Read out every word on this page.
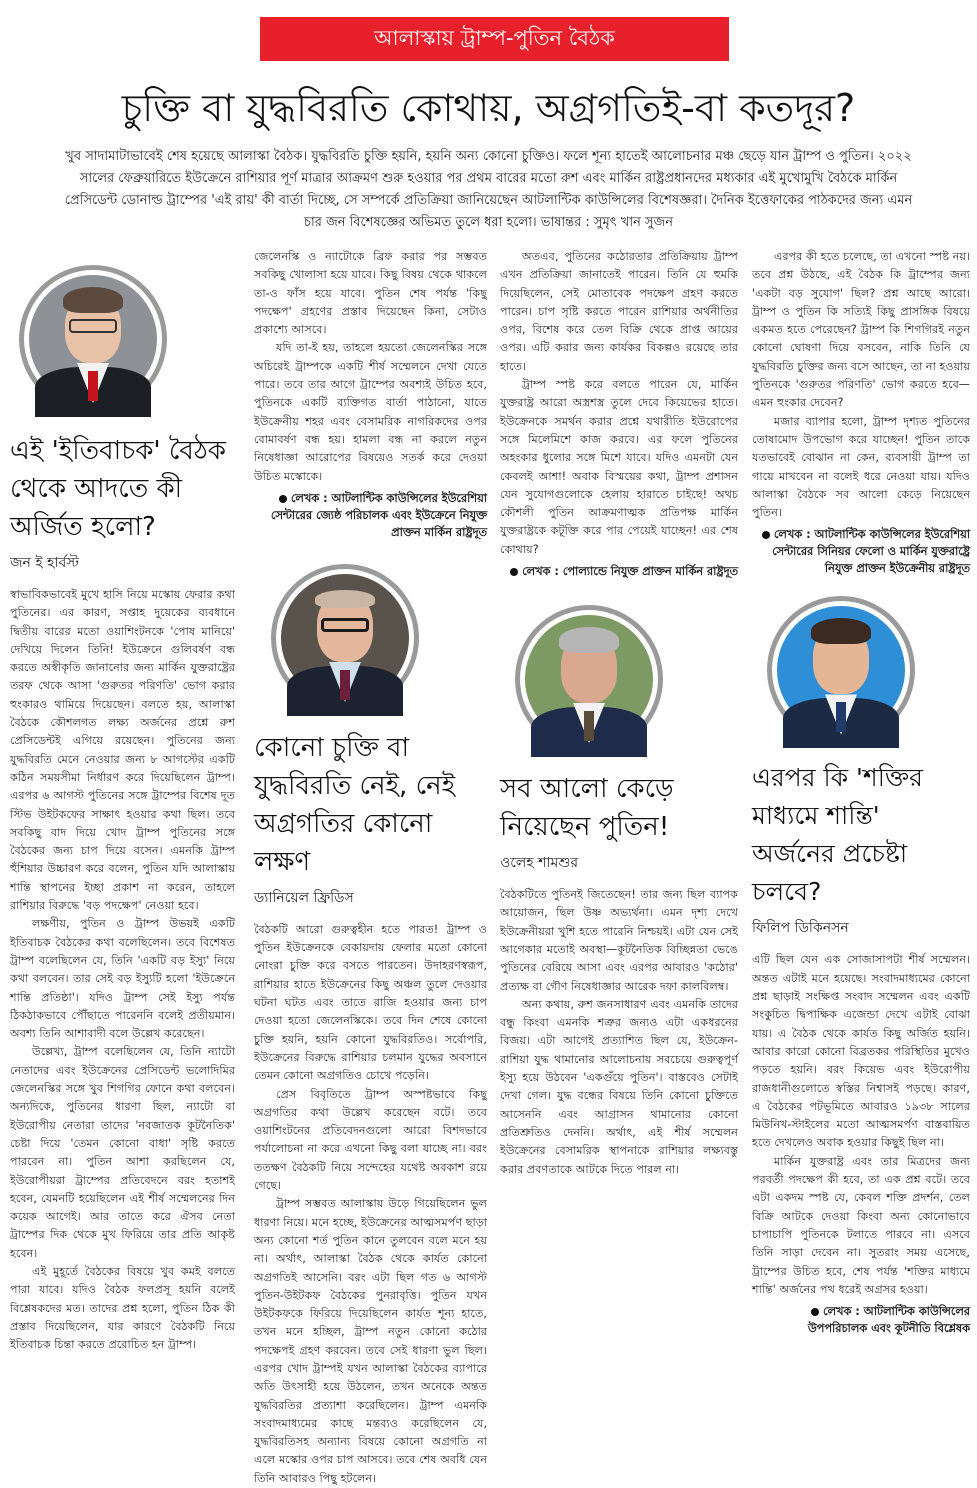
আলাস্কায় ট্রাম্প-পুতিন বৈঠক
চুক্তি বা যুদ্ধবিরতি কোথায়, অগ্রগতিই-বা কতদূর?
খুব সাদামাটাভাবেই শেষ হয়েছে আলাস্কা বৈঠক। যুদ্ধবিরতি চুক্তি হয়নি, হয়নি অন্য কোনো চুক্তিও। ফলে শূন্য হাতেই আলোচনার মঞ্চ ছেড়ে যান ট্রাম্প ও পুতিন। ২০২২ সালের ফেব্রুয়ারিতে ইউক্রেনে রাশিয়ার পূর্ণ মাত্রার আক্রমণ শুরু হওয়ার পর প্রথম বারের মতো রুশ এবং মার্কিন রাষ্ট্রপ্রধানদের মধ্যকার এই মুখোমুখি বৈঠকে মার্কিন প্রেসিডেন্ট ডোনাল্ড ট্রাম্পের 'এই রায়' কী বার্তা দিচ্ছে, সে সম্পর্কে প্রতিক্রিয়া জানিয়েছেন আটলান্টিক কাউন্সিলের বিশেষজ্ঞরা। দৈনিক ইত্তেফাকের পাঠকদের জন্য এমন চার জন বিশেষজ্ঞের অভিমত তুলে ধরা হলো। ভাষান্তর : সুমৃৎ খান সুজন

এই 'ইতিবাচক' বৈঠক থেকে আদতে কী অর্জিত হলো?

জন ই হার্বস্ট

স্বাভাবিকভাবেই মুখে হাসি নিয়ে মস্কোয় ফেরার কথা পুতিনের। এর কারণ, সপ্তাহ দুয়েকের ব্যবধানে দ্বিতীয় বারের মতো ওয়াশিংটনকে 'পোষ মানিয়ে' দেখিয়ে দিলেন তিনি! ইউক্রেনে গুলিবর্ষণ বন্ধ করতে অস্বীকৃতি জানানোর জন্য মার্কিন যুক্তরাষ্ট্রের তরফ থেকে আসা 'গুরুতর পরিণতি' ভোগ করার হুংকারও থামিয়ে দিয়েছেন। বলতে হয়, আলাস্কা বৈঠকে কৌশলগত লক্ষ্য অর্জনের প্রশ্নে রুশ প্রেসিডেন্টই এগিয়ে রয়েছেন। পুতিনের জন্য যুদ্ধবিরতি মেনে নেওয়ার জন্য ৮ আগস্টের একটি কঠিন সময়সীমা নির্ধারণ করে দিয়েছিলেন ট্রাম্প। এরপর ৬ আগস্ট পুতিনের সঙ্গে ট্রাম্পের বিশেষ দূত স্টিভ উইটকফের সাক্ষাৎ হওয়ার কথা ছিল। তবে সবকিছু বাদ দিয়ে খোদ ট্রাম্প পুতিনের সঙ্গে বৈঠকের জন্য চাপ দিয়ে বসেন। এমনকি ট্রাম্প হুঁশিয়ার উচ্চারণ করে বলেন, পুতিন যদি আলাস্কায় শান্তি স্থাপনের ইচ্ছা প্রকাশ না করেন, তাহলে রাশিয়ার বিরুদ্ধে 'বড় পদক্ষেপ' নেওয়া হবে।

লক্ষণীয়, পুতিন ও ট্রাম্প উভয়ই একটি ইতিবাচক বৈঠকের কথা বলেছিলেন। তবে বিশেষত ট্রাম্প বলেছিলেন যে, তিনি 'একটি বড় ইস্যু' নিয়ে কথা বলবেন। তার সেই বড় ইস্যুটি হলো 'ইউক্রেনে শান্তি প্রতিষ্ঠা'। যদিও ট্রাম্প সেই ইস্যু পর্যন্ত ঠিকঠাকভাবে পৌঁছাতে পারেননি বলেই প্রতীয়মান। অবশ্য তিনি আশাবাদী বলে উল্লেখ করেছেন।

উল্লেখ্য, ট্রাম্প বলেছিলেন যে, তিনি ন্যাটো নেতাদের এবং ইউক্রেনের প্রেসিডেন্ট ভলোদিমির জেলেনস্কির সঙ্গে খুব শিগগির ফোনে কথা বলবেন। অন্যদিকে, পুতিনের ধারণা ছিল, ন্যাটো বা ইউরোপীয় নেতারা তাদের 'নবজাতক কূটনৈতিক' চেষ্টা দিয়ে 'তেমন কোনো বাধা' সৃষ্টি করতে পারবেন না। পুতিন আশা করছিলেন যে, ইউরোপীয়রা ট্রাম্পের প্রতিবেদনে বরং হতাশই হবেন, যেমনটি হয়েছিলেন এই শীর্ষ সম্মেলনের দিন কয়েক আগেই। আর তাতে করে ঐসব নেতা ট্রাম্পের দিক থেকে মুখ ফিরিয়ে তার প্রতি আকৃষ্ট হবেন।

এই মুহূর্তে বৈঠকের বিষয়ে খুব কমই বলতে পারা যাবে। যদিও বৈঠক ফলপ্রসূ হয়নি বলেই বিশ্লেষকদের মত। তাদের প্রশ্ন হলো, পুতিন ঠিক কী প্রস্তাব দিয়েছিলেন, যার কারণে বৈঠকটি নিয়ে ইতিবাচক চিন্তা করতে প্ররোচিত হন ট্রাম্প।

জেলেনস্কি ও ন্যাটোকে ব্রিফ করার পর সম্ভবত সবকিছু খোলাসা হয়ে যাবে। কিছু বিষয় থেকে থাকলে তা-ও ফাঁস হয়ে যাবে। পুতিন শেষ পর্যন্ত 'কিছু পদক্ষেপ' গ্রহণের প্রস্তাব দিয়েছেন কিনা, সেটাও প্রকাশ্যে আসবে।

যদি তা-ই হয়, তাহলে হয়তো জেলেনস্কির সঙ্গে অচিরেই ট্রাম্পকে একটি শীর্ষ সম্মেলনে দেখা যেতে পারে। তবে তার আগে ট্রাম্পের অবশ্যই উচিত হবে, পুতিনকে একটি ব্যক্তিগত বার্তা পাঠানো, যাতে ইউক্রেনীয় শহর এবং বেসামরিক নাগরিকদের ওপর বোমাবর্ষণ বন্ধ হয়। হামলা বন্ধ না করলে নতুন নিষেধাজ্ঞা আরোপের বিষয়েও সতর্ক করে দেওয়া উচিত মস্কোকে।

লেখক : আটলান্টিক কাউন্সিলের ইউরেশিয়া সেন্টারের জ্যেষ্ঠ পরিচালক এবং ইউক্রেনে নিযুক্ত প্রাক্তন মার্কিন রাষ্ট্রদূত

কোনো চুক্তি বা যুদ্ধবিরতি নেই, নেই অগ্রগতির কোনো লক্ষণ

ড্যানিয়েল ফ্রিডিস

বৈঠকটি আরো গুরুত্বহীন হতে পারত! ট্রাম্প ও পুতিন ইউক্রেনকে বেকায়দায় ফেলার মতো কোনো নোংরা চুক্তি করে বসতে পারতেন। উদাহরণস্বরূপ, রাশিয়ার হাতে ইউক্রেনের কিছু অঞ্চল তুলে দেওয়ার ঘটনা ঘটত এবং তাতে রাজি হওয়ার জন্য চাপ দেওয়া হতো জেলেনস্কিকে। তবে দিন শেষে কোনো চুক্তি হয়নি, হয়নি কোনো যুদ্ধবিরতিও। সর্বোপরি, ইউক্রেনের বিরুদ্ধে রাশিয়ার চলমান যুদ্ধের অবসানে তেমন কোনো অগ্রগতিও চোখে পড়েনি।

প্রেস বিবৃতিতে ট্রাম্প অস্পষ্টভাবে কিছু অগ্রগতির কথা উল্লেখ করেছেন বটে। তবে ওয়াশিংটনের প্রতিবেদনগুলো আরো বিশদভাবে পর্যালোচনা না করে এখনো কিছু বলা যাচ্ছে না। বরং ততক্ষণ বৈঠকটি নিয়ে সন্দেহের যথেষ্ট অবকাশ রয়ে গেছে।

ট্রাম্প সম্ভবত আলাস্কায় উড়ে গিয়েছিলেন ভুল ধারণা নিয়ে। মনে হচ্ছে, ইউক্রেনের আত্মসমর্পণ ছাড়া অন্য কোনো শর্ত পুতিন কানে তুলবেন বলে মনে হয় না। অর্থাৎ, আলাস্কা বৈঠক থেকে কার্যত কোনো অগ্রগতিই আসেনি। বরং এটা ছিল গত ৬ আগস্ট পুতিন-উইটকফ বৈঠকের পুনরাবৃত্তি। পুতিন যখন উইটকফকে ফিরিয়ে দিয়েছিলেন কার্যত শূন্য হাতে, তখন মনে হচ্ছিল, ট্রাম্প নতুন কোনো কঠোর পদক্ষেপই গ্রহণ করবেন। তবে সেই ধারণা ভুল ছিল। এরপর খোদ ট্রাম্পই যখন আলাস্কা বৈঠকের ব্যাপারে অতি উৎসাহী হয়ে উঠলেন, তখন অনেকে অন্তত যুদ্ধবিরতির প্রত্যাশা করেছিলেন। ট্রাম্প এমনকি সংবাদমাধ্যমের কাছে মন্তব্যও করেছিলেন যে, যুদ্ধবিরতিসহ অন্যান্য বিষয়ে কোনো অগ্রগতি না এলে মস্কোর ওপর চাপ আসবে। তবে শেষ অবধি যেন তিনি আবারও পিছু হটলেন।

অতএব, পুতিনের কঠোরতার প্রতিক্রিয়ায় ট্রাম্প এখন প্রতিক্রিয়া জানাতেই পারেন। তিনি যে হুমকি দিয়েছিলেন, সেই মোতাবেক পদক্ষেপ গ্রহণ করতে পারেন। চাপ সৃষ্টি করতে পারেন রাশিয়ার অর্থনীতির ওপর, বিশেষ করে তেল বিক্রি থেকে প্রাপ্ত আয়ের ওপর। এটি করার জন্য কার্যকর বিকল্পও রয়েছে তার হাতে।

ট্রাম্প স্পষ্ট করে বলতে পারেন যে, মার্কিন যুক্তরাষ্ট্র আরো অস্ত্রশস্ত্র তুলে দেবে কিয়েভের হাতে। ইউক্রেনকে সমর্থন করার প্রশ্নে যথারীতি ইউরোপের সঙ্গে মিলেমিশে কাজ করবে। এর ফলে পুতিনের অহংকার ধুলোর সঙ্গে মিশে যাবে। যদিও এমনটা যেন কেবলই আশা! অবাক বিস্ময়ের কথা, ট্রাম্প প্রশাসন যেন সুযোগগুলোকে হেলায় হারাতে চাইছে! অথচ কৌশলী পুতিন আক্রমণাত্মক প্রতিপক্ষ মার্কিন যুক্তরাষ্ট্রকে কটূক্তি করে পার পেয়েই যাচ্ছেন! এর শেষ কোথায়?

লেখক : পোল্যান্ডে নিযুক্ত প্রাক্তন মার্কিন রাষ্ট্রদূত

সব আলো কেড়ে নিয়েছেন পুতিন!

ওলেহ শামশুর

বৈঠকটিতে পুতিনই জিতেছেন! তার জন্য ছিল ব্যাপক আয়োজন, ছিল উষ্ণ অভ্যর্থনা। এমন দৃশ্য দেখে ইউক্রেনীয়রা খুশি হতে পারেনি নিশ্চয়ই। এটা যেন সেই আগেকার মতোই অবস্থা—কূটনৈতিক বিচ্ছিন্নতা ভেঙে পুতিনের বেরিয়ে আসা এবং এরপর আবারও 'কঠোর' প্রত্যক্ষ বা গৌণ নিষেধাজ্ঞার আরেক দফা কালবিলম্ব।

অন্য কথায়, রুশ জনসাধারণ এবং এমনকি তাদের বন্ধু কিংবা এমনকি শত্রুর জন্যও এটা একধরনের বিজয়। এটা আগেই প্রত্যাশিত ছিল যে, ইউক্রেন-রাশিয়া যুদ্ধ থামানোর আলোচনায় সবচেয়ে গুরুত্বপূর্ণ ইস্যু হয়ে উঠবেন 'একগুঁয়ে পুতিন'। বাস্তবেও সেটাই দেখা গেল। যুদ্ধ বন্ধের বিষয়ে তিনি কোনো চুক্তিতে আসেননি এবং আগ্রাসন থামানোর কোনো প্রতিশ্রুতিও দেননি। অর্থাৎ, এই শীর্ষ সম্মেলন ইউক্রেনের বেসামরিক স্থাপনাকে রাশিয়ার লক্ষ্যবস্তু করার প্রবণতাকে আটকে দিতে পারল না।

এরপর কী হতে চলেছে, তা এখনো স্পষ্ট নয়। তবে প্রশ্ন উঠছে, এই বৈঠক কি ট্রাম্পের জন্য 'একটা বড় সুযোগ' ছিল? প্রশ্ন আছে আরো। ট্রাম্প ও পুতিন কি সত্যিই কিছু প্রাসঙ্গিক বিষয়ে একমত হতে পেরেছেন? ট্রাম্প কি শিগগিরই নতুন কোনো ঘোষণা দিয়ে বসবেন, নাকি তিনি যে যুদ্ধবিরতি চুক্তির জন্য বসে আছেন, তা না হওয়ায় পুতিনকে 'গুরুতর পরিণতি' ভোগ করতে হবে—এমন হুংকার দেবেন?

মজার ব্যাপার হলো, ট্রাম্প দৃশ্যত পুতিনের তোষামোদ উপভোগ করে যাচ্ছেন! পুতিন তাকে যতভাবেই বোঝান না কেন, ব্যবসায়ী ট্রাম্প তা গায়ে মাখবেন না বলেই ধরে নেওয়া যায়। যদিও আলাস্কা বৈঠকে সব আলো কেড়ে নিয়েছেন পুতিন।

লেখক : আটলান্টিক কাউন্সিলের ইউরেশিয়া সেন্টারের সিনিয়র ফেলো ও মার্কিন যুক্তরাষ্ট্রে নিযুক্ত প্রাক্তন ইউক্রেনীয় রাষ্ট্রদূত

এরপর কি 'শক্তির মাধ্যমে শান্তি' অর্জনের প্রচেষ্টা চলবে?

ফিলিপ ডিকিনসন

এটি ছিল যেন এক সোজাসাপটা শীর্ষ সম্মেলন। অন্তত এটাই মনে হয়েছে। সংবাদমাধ্যমের কোনো প্রশ্ন ছাড়াই সংক্ষিপ্ত সংবাদ সম্মেলন এবং একটি সংকুচিত দ্বিপাক্ষিক এজেন্ডা দেখে এটাই বোঝা যায়। এ বৈঠক থেকে কার্যত কিছু অর্জিত হয়নি। আবার কারো কোনো বিব্রতকর পরিস্থিতির মুখেও পড়তে হয়নি। বরং কিয়েভ এবং ইউরোপীয় রাজধানীগুলোতে স্বস্তির নিশ্বাসই পড়ছে। কারণ, এ বৈঠকের পটভূমিতে আবারও ১৯৩৮ সালের মিউনিখ-স্টাইলের মতো আত্মসমর্পণ বাস্তবায়িত হতে দেখলেও অবাক হওয়ার কিছুই ছিল না।

মার্কিন যুক্তরাষ্ট্র এবং তার মিত্রদের জন্য পরবর্তী পদক্ষেপ কী হবে, তা এক প্রশ্ন বটে। তবে এটা একদম স্পষ্ট যে, কেবল শক্তি প্রদর্শন, তেল বিক্রি আটকে দেওয়া কিংবা অন্য কোনোভাবে চাপাচাপি পুতিনকে টলাতে পারবে না। এসবে তিনি সাড়া দেবেন না। সুতরাং সময় এসেছে, ট্রাম্পের উচিত হবে, শেষ পর্যন্ত 'শক্তির মাধ্যমে শান্তি' অর্জনের পথ ধরেই অগ্রসর হওয়া।

লেখক : আটলান্টিক কাউন্সিলের উপপরিচালক এবং কূটনীতি বিশ্লেষক
